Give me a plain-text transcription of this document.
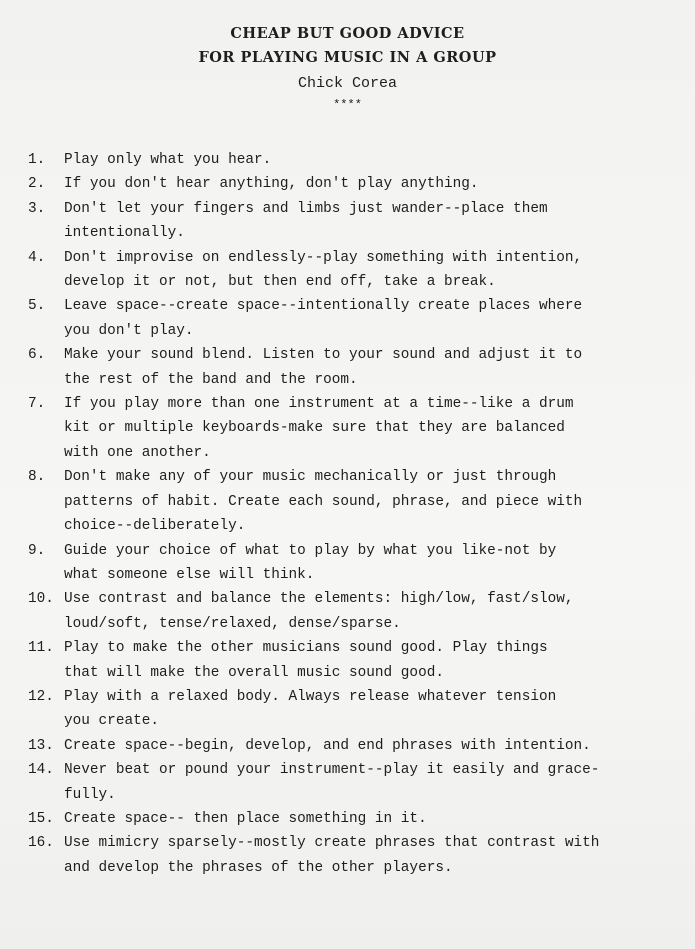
CHEAP BUT GOOD ADVICE
FOR PLAYING MUSIC IN A GROUP
Chick Corea
****
1.	Play only what you hear.
2.	If you don't hear anything, don't play anything.
3.	Don't let your fingers and limbs just wander--place them
intentionally.
4.	Don't improvise on endlessly--play something with intention,
develop it or not, but then end off, take a break.
5.	Leave space--create space--intentionally create places where
you don't play.
6.	Make your sound blend. Listen to your sound and adjust it to
the rest of the band and the room.
7.	If you play more than one instrument at a time--like a drum
kit or multiple keyboards-make sure that they are balanced
with one another.
8.	Don't make any of your music mechanically or just through
patterns of habit. Create each sound, phrase, and piece with
choice--deliberately.
9.	Guide your choice of what to play by what you like-not by
what someone else will think.
10. Use contrast and balance the elements: high/low, fast/slow,
loud/soft, tense/relaxed, dense/sparse.
11. Play to make the other musicians sound good. Play things
that will make the overall music sound good.
12. Play with a relaxed body. Always release whatever tension
you create.
13. Create space--begin, develop, and end phrases with intention.
14. Never beat or pound your instrument--play it easily and grace-
fully.
15. Create space-- then place something in it.
16. Use mimicry sparsely--mostly create phrases that contrast with
and develop the phrases of the other players.
